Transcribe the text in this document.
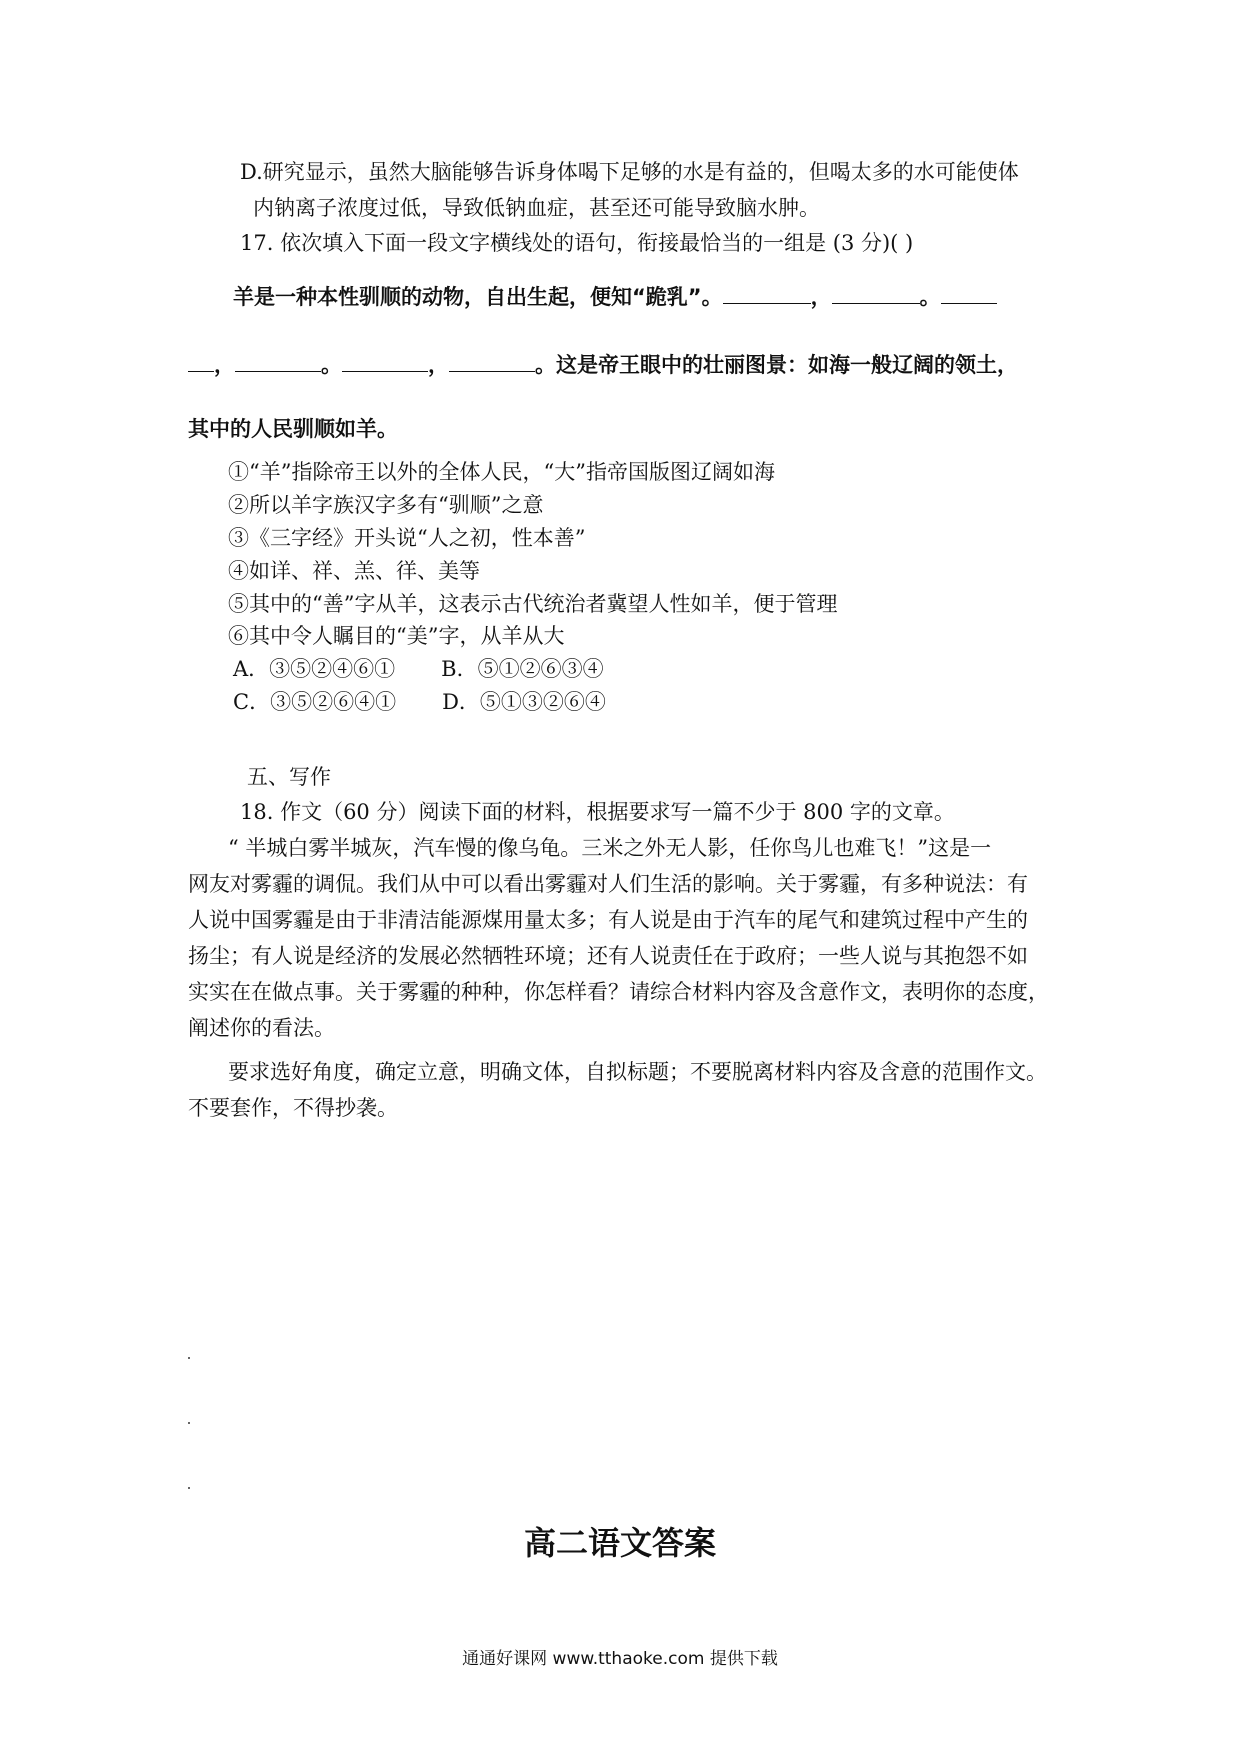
D.研究显示，虽然大脑能够告诉身体喝下足够的水是有益的，但喝太多的水可能使体
内钠离子浓度过低，导致低钠血症，甚至还可能导致脑水肿。
17. 依次填入下面一段文字横线处的语句，衔接最恰当的一组是 (3 分)( )
羊是一种本性驯顺的动物，自出生起，便知“跪乳”。	，	。
，	。	，	。这是帝王眼中的壮丽图景：如海一般辽阔的领土，
其中的人民驯顺如羊。
①“羊”指除帝王以外的全体人民，“大”指帝国版图辽阔如海
②所以羊字族汉字多有“驯顺”之意
③《三字经》开头说“人之初，性本善”
④如详、祥、羔、徉、美等
⑤其中的“善”字从羊，这表示古代统治者冀望人性如羊，便于管理
⑥其中令人瞩目的“美”字，从羊从大
A．③⑤②④⑥① B．⑤①②⑥③④
C．③⑤②⑥④① D．⑤①③②⑥④
五、写作
18. 作文（60 分）阅读下面的材料，根据要求写一篇不少于 800 字的文章。
“ 半城白雾半城灰，汽车慢的像乌龟。三米之外无人影，任你鸟儿也难飞！”这是一
网友对雾霾的调侃。我们从中可以看出雾霾对人们生活的影响。关于雾霾，有多种说法：有
人说中国雾霾是由于非清洁能源煤用量太多；有人说是由于汽车的尾气和建筑过程中产生的
扬尘；有人说是经济的发展必然牺牲环境；还有人说责任在于政府；一些人说与其抱怨不如
实实在在做点事。关于雾霾的种种，你怎样看？请综合材料内容及含意作文，表明你的态度，
阐述你的看法。
要求选好角度，确定立意，明确文体，自拟标题；不要脱离材料内容及含意的范围作文。
不要套作，不得抄袭。
高二语文答案
通通好课网 www.tthaoke.com 提供下载
